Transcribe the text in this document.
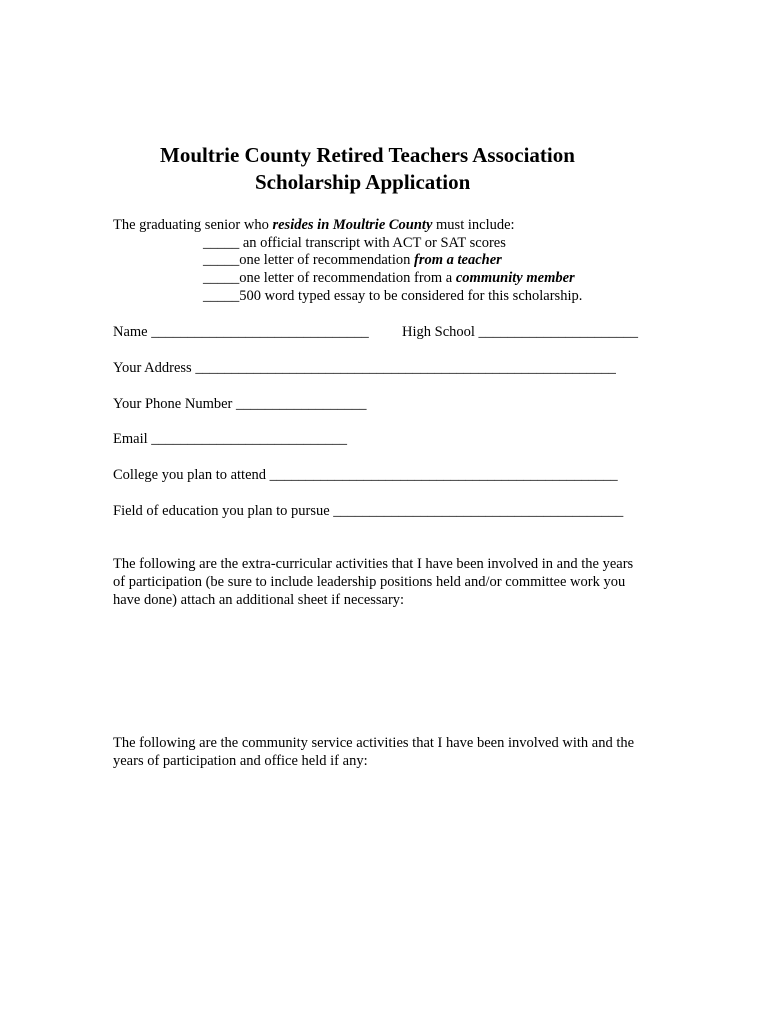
Moultrie County Retired Teachers Association
Scholarship Application
The graduating senior who resides in Moultrie County must include:
_____ an official transcript with ACT or SAT scores
_____one letter of recommendation from a teacher
_____one letter of recommendation from a community member
_____500 word typed essay to be considered for this scholarship.
Name ______________________________ High School ______________________
Your Address __________________________________________________________
Your Phone Number __________________
Email ___________________________
College you plan to attend ________________________________________________
Field of education you plan to pursue ________________________________________
The following are the extra-curricular activities that I have been involved in and the years
of participation (be sure to include leadership positions held and/or committee work you
have done) attach an additional sheet if necessary:
The following are the community service activities that I have been involved with and the
years of participation and office held if any:
